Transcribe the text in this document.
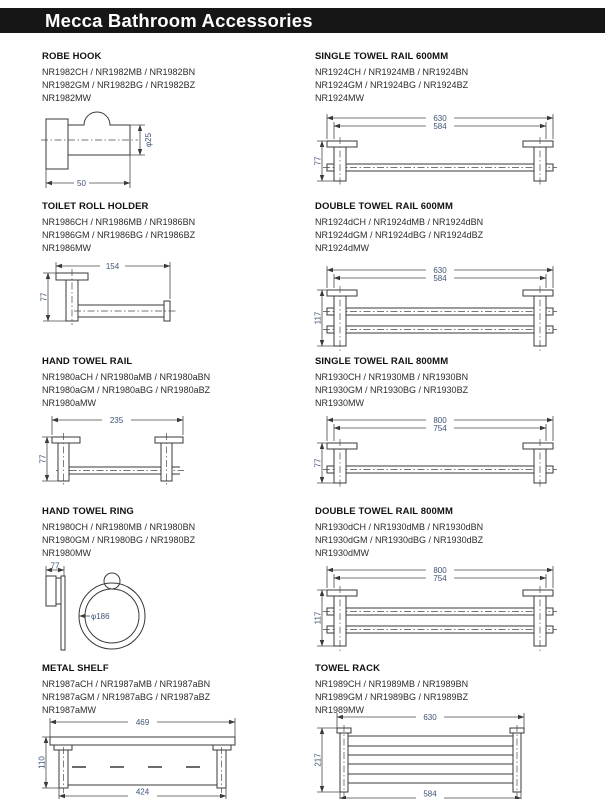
Mecca Bathroom Accessories
ROBE HOOK
NR1982CH / NR1982MB / NR1982BN
NR1982GM / NR1982BG / NR1982BZ
NR1982MW
φ25
50
SINGLE TOWEL RAIL 600MM
NR1924CH / NR1924MB / NR1924BN
NR1924GM / NR1924BG / NR1924BZ
NR1924MW
630
584
77
TOILET ROLL HOLDER
NR1986CH / NR1986MB / NR1986BN
NR1986GM / NR1986BG / NR1986BZ
NR1986MW
154
77
DOUBLE TOWEL RAIL 600MM
NR1924dCH / NR1924dMB / NR1924dBN
NR1924dGM / NR1924dBG / NR1924dBZ
NR1924dMW
630
584
117
HAND TOWEL RAIL
NR1980aCH / NR1980aMB / NR1980aBN
NR1980aGM / NR1980aBG / NR1980aBZ
NR1980aMW
235
77
SINGLE TOWEL RAIL 800MM
NR1930CH / NR1930MB / NR1930BN
NR1930GM / NR1930BG / NR1930BZ
NR1930MW
800
754
77
HAND TOWEL RING
NR1980CH / NR1980MB / NR1980BN
NR1980GM / NR1980BG / NR1980BZ
NR1980MW
77
φ186
DOUBLE TOWEL RAIL 800MM
NR1930dCH / NR1930dMB / NR1930dBN
NR1930dGM / NR1930dBG / NR1930dBZ
NR1930dMW
800
754
117
METAL SHELF
NR1987aCH / NR1987aMB / NR1987aBN
NR1987aGM / NR1987aBG / NR1987aBZ
NR1987aMW
469
424
110
TOWEL RACK
NR1989CH / NR1989MB / NR1989BN
NR1989GM / NR1989BG / NR1989BZ
NR1989MW
630
584
217
